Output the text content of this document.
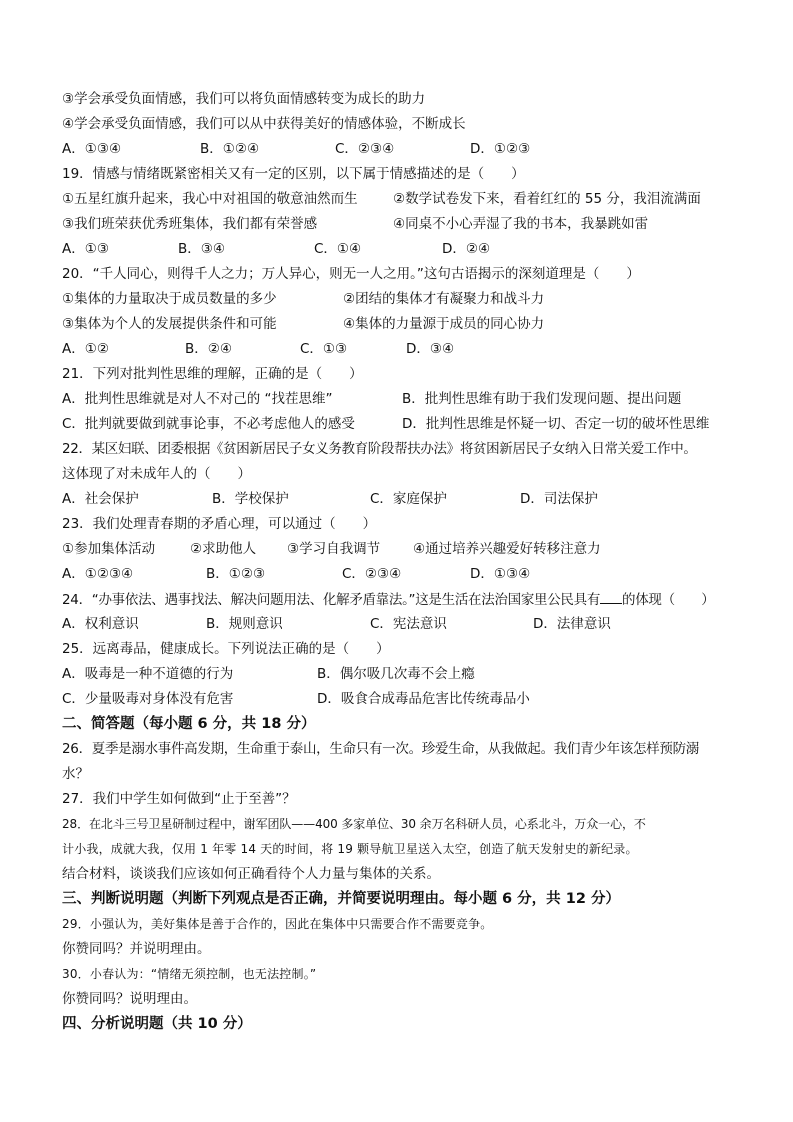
③学会承受负面情感，我们可以将负面情感转变为成长的助力
④学会承受负面情感，我们可以从中获得美好的情感体验，不断成长
A．①③④	B．①②④	C．②③④	D．①②③
19．情感与情绪既紧密相关又有一定的区别，以下属于情感描述的是（　　）
①五星红旗升起来，我心中对祖国的敬意油然而生	②数学试卷发下来，看着红红的 55 分，我泪流满面
③我们班荣获优秀班集体，我们都有荣誉感	④同桌不小心弄湿了我的书本，我暴跳如雷
A．①③	B．③④	C．①④	D．②④
20．“千人同心，则得千人之力；万人异心，则无一人之用。”这句古语揭示的深刻道理是（　　）
①集体的力量取决于成员数量的多少	②团结的集体才有凝聚力和战斗力
③集体为个人的发展提供条件和可能	④集体的力量源于成员的同心协力
A．①②	B．②④	C．①③	D．③④
21．下列对批判性思维的理解，正确的是（　　）
A．批判性思维就是对人不对己的 “找茬思维”	B．批判性思维有助于我们发现问题、提出问题
C．批判就要做到就事论事，不必考虑他人的感受	D．批判性思维是怀疑一切、否定一切的破坏性思维
22．某区妇联、团委根据《贫困新居民子女义务教育阶段帮扶办法》将贫困新居民子女纳入日常关爱工作中。
这体现了对未成年人的（　　）
A．社会保护	B．学校保护	C．家庭保护	D．司法保护
23．我们处理青春期的矛盾心理，可以通过（　　）
①参加集体活动	②求助他人 ③学习自我调节 ④通过培养兴趣爱好转移注意力
A．①②③④	B．①②③	C．②③④	D．①③④
24．“办事依法、遇事找法、解决问题用法、化解矛盾靠法。”这是生活在法治国家里公民具有 的体现（　　）
A．权利意识	B．规则意识	C．宪法意识	D．法律意识
25．远离毒品，健康成长。下列说法正确的是（　　）
A．吸毒是一种不道德的行为	B．偶尔吸几次毒不会上瘾
C．少量吸毒对身体没有危害	D．吸食合成毒品危害比传统毒品小
二、简答题（每小题 6 分，共 18 分）
26．夏季是溺水事件高发期，生命重于泰山，生命只有一次。珍爱生命，从我做起。我们青少年该怎样预防溺
水？
27．我们中学生如何做到“止于至善”？
28．在北斗三号卫星研制过程中，谢军团队——400 多家单位、30 余万名科研人员，心系北斗，万众一心，不
计小我，成就大我，仅用 1 年零 14 天的时间，将 19 颗导航卫星送入太空，创造了航天发射史的新纪录。
结合材料，谈谈我们应该如何正确看待个人力量与集体的关系。
三、判断说明题（判断下列观点是否正确，并简要说明理由。每小题 6 分，共 12 分）
29．小强认为，美好集体是善于合作的，因此在集体中只需要合作不需要竞争。
你赞同吗？并说明理由。
30．小春认为：“情绪无须控制，也无法控制。”
你赞同吗？说明理由。
四、分析说明题（共 10 分）
